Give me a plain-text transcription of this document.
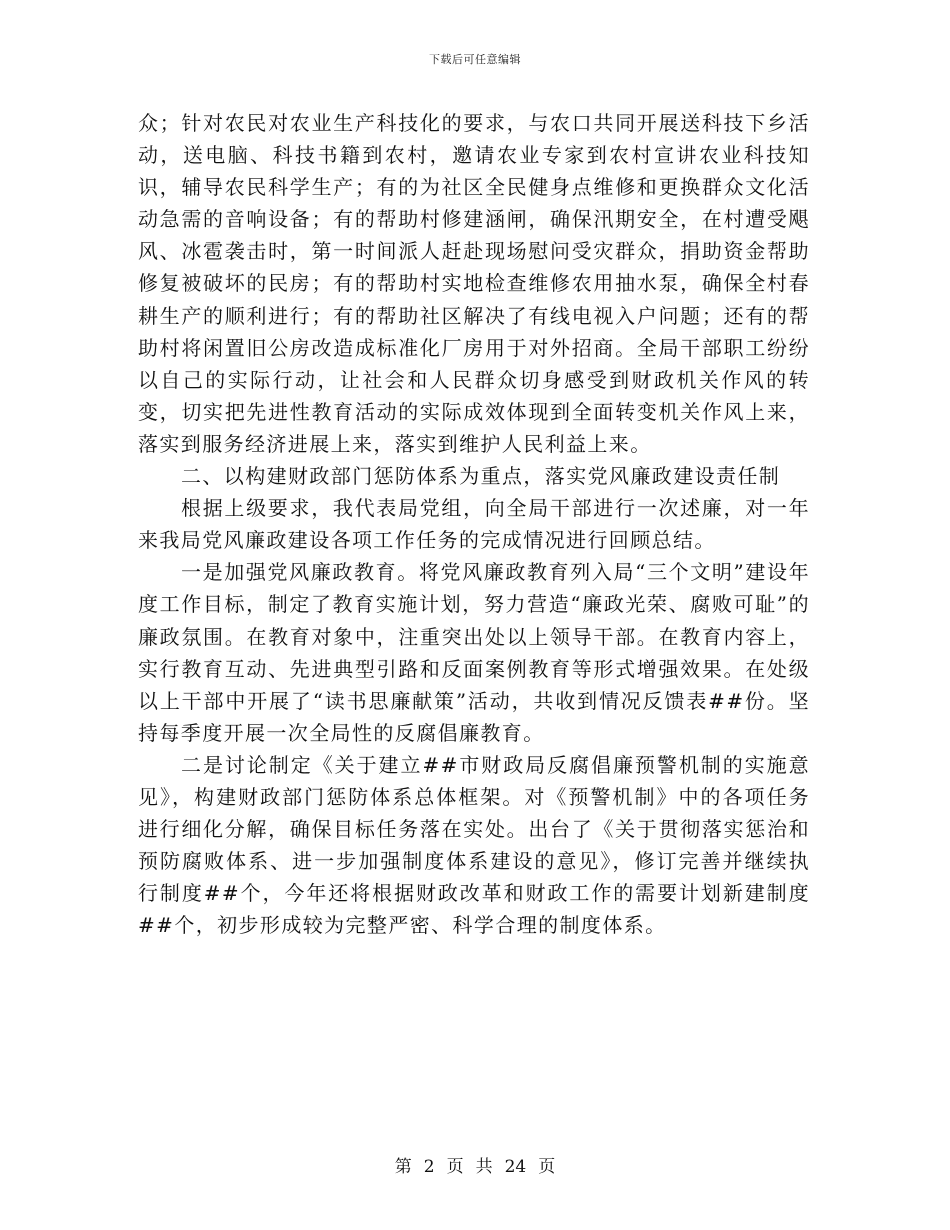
下载后可任意编辑

众；针对农民对农业生产科技化的要求，与农口共同开展送科技下乡活动，送电脑、科技书籍到农村，邀请农业专家到农村宣讲农业科技知识，辅导农民科学生产；有的为社区全民健身点维修和更换群众文化活动急需的音响设备；有的帮助村修建涵闸，确保汛期安全，在村遭受飓风、冰雹袭击时，第一时间派人赶赴现场慰问受灾群众，捐助资金帮助修复被破坏的民房；有的帮助村实地检查维修农用抽水泵，确保全村春耕生产的顺利进行；有的帮助社区解决了有线电视入户问题；还有的帮助村将闲置旧公房改造成标准化厂房用于对外招商。全局干部职工纷纷以自己的实际行动，让社会和人民群众切身感受到财政机关作风的转变，切实把先进性教育活动的实际成效体现到全面转变机关作风上来，落实到服务经济进展上来，落实到维护人民利益上来。

二、以构建财政部门惩防体系为重点，落实党风廉政建设责任制

根据上级要求，我代表局党组，向全局干部进行一次述廉，对一年来我局党风廉政建设各项工作任务的完成情况进行回顾总结。

一是加强党风廉政教育。将党风廉政教育列入局“三个文明”建设年度工作目标，制定了教育实施计划，努力营造“廉政光荣、腐败可耻”的廉政氛围。在教育对象中，注重突出处以上领导干部。在教育内容上，实行教育互动、先进典型引路和反面案例教育等形式增强效果。在处级以上干部中开展了“读书思廉献策”活动，共收到情况反馈表##份。坚持每季度开展一次全局性的反腐倡廉教育。

二是讨论制定《关于建立##市财政局反腐倡廉预警机制的实施意见》，构建财政部门惩防体系总体框架。对《预警机制》中的各项任务进行细化分解，确保目标任务落在实处。出台了《关于贯彻落实惩治和预防腐败体系、进一步加强制度体系建设的意见》，修订完善并继续执行制度##个，今年还将根据财政改革和财政工作的需要计划新建制度##个，初步形成较为完整严密、科学合理的制度体系。

第 2 页 共 24 页
